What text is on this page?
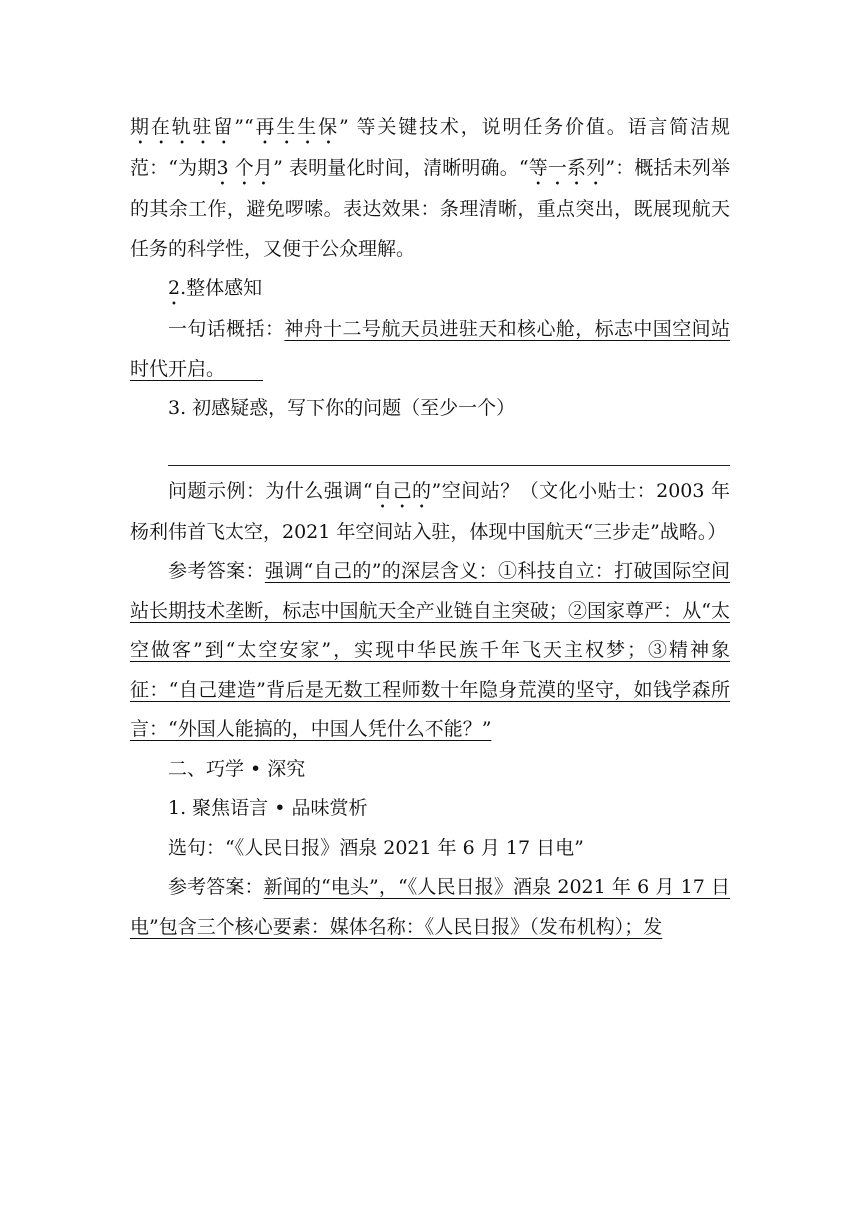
期在轨驻留”“再生生保” 等关键技术，说明任务价值。语言简洁规范：“为期3 个月” 表明量化时间，清晰明确。“等一系列”：概括未列举的其余工作，避免啰嗦。表达效果：条理清晰，重点突出，既展现航天任务的科学性，又便于公众理解。

2.整体感知

一句话概括：神舟十二号航天员进驻天和核心舱，标志中国空间站时代开启。  

3. 初感疑惑，写下你的问题（至少一个）

问题示例：为什么强调“自己的”空间站？（文化小贴士：2003 年杨利伟首飞太空，2021 年空间站入驻，体现中国航天“三步走”战略。）

参考答案：强调“自己的”的深层含义：①科技自立：打破国际空间站长期技术垄断，标志中国航天全产业链自主突破；②国家尊严：从“太空做客”到“太空安家”，实现中华民族千年飞天主权梦；③精神象征：“自己建造”背后是无数工程师数十年隐身荒漠的坚守，如钱学森所言：“外国人能搞的，中国人凭什么不能？”

二、巧学 • 深究

1. 聚焦语言 • 品味赏析

选句：“《人民日报》酒泉 2021 年 6 月 17 日电”

参考答案：新闻的“电头”，“《人民日报》酒泉 2021 年 6 月 17 日电”包含三个核心要素：媒体名称：《人民日报》（发布机构）；发
